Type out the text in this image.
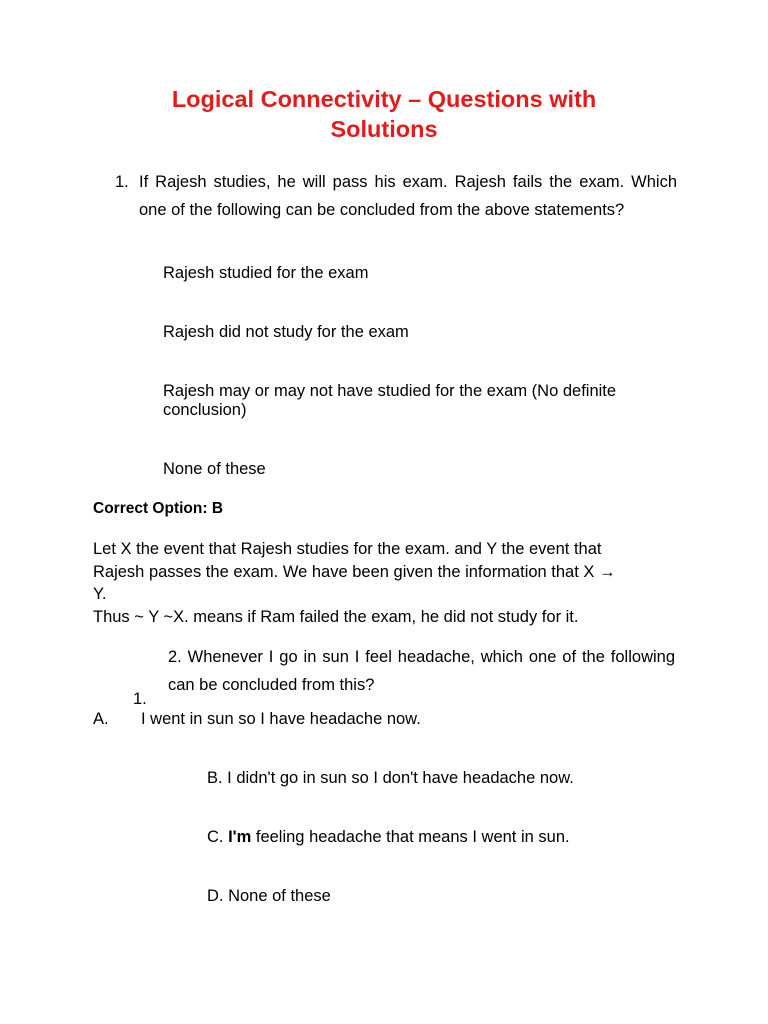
Logical Connectivity – Questions with
Solutions
1. If Rajesh studies, he will pass his exam. Rajesh fails the exam. Which one of the following can be concluded from the above statements?
Rajesh studied for the exam
Rajesh did not study for the exam
Rajesh may or may not have studied for the exam (No definite conclusion)
None of these
Correct Option: B
Let X the event that Rajesh studies for the exam. and Y the event that
Rajesh passes the exam. We have been given the information that X →
Y.
Thus ~ Y ~X. means if Ram failed the exam, he did not study for it.
2. Whenever I go in sun I feel headache, which one of the following can be concluded from this?
1.
A. I went in sun so I have headache now.
B. I didn't go in sun so I don't have headache now.
C. I'm feeling headache that means I went in sun.
D. None of these
